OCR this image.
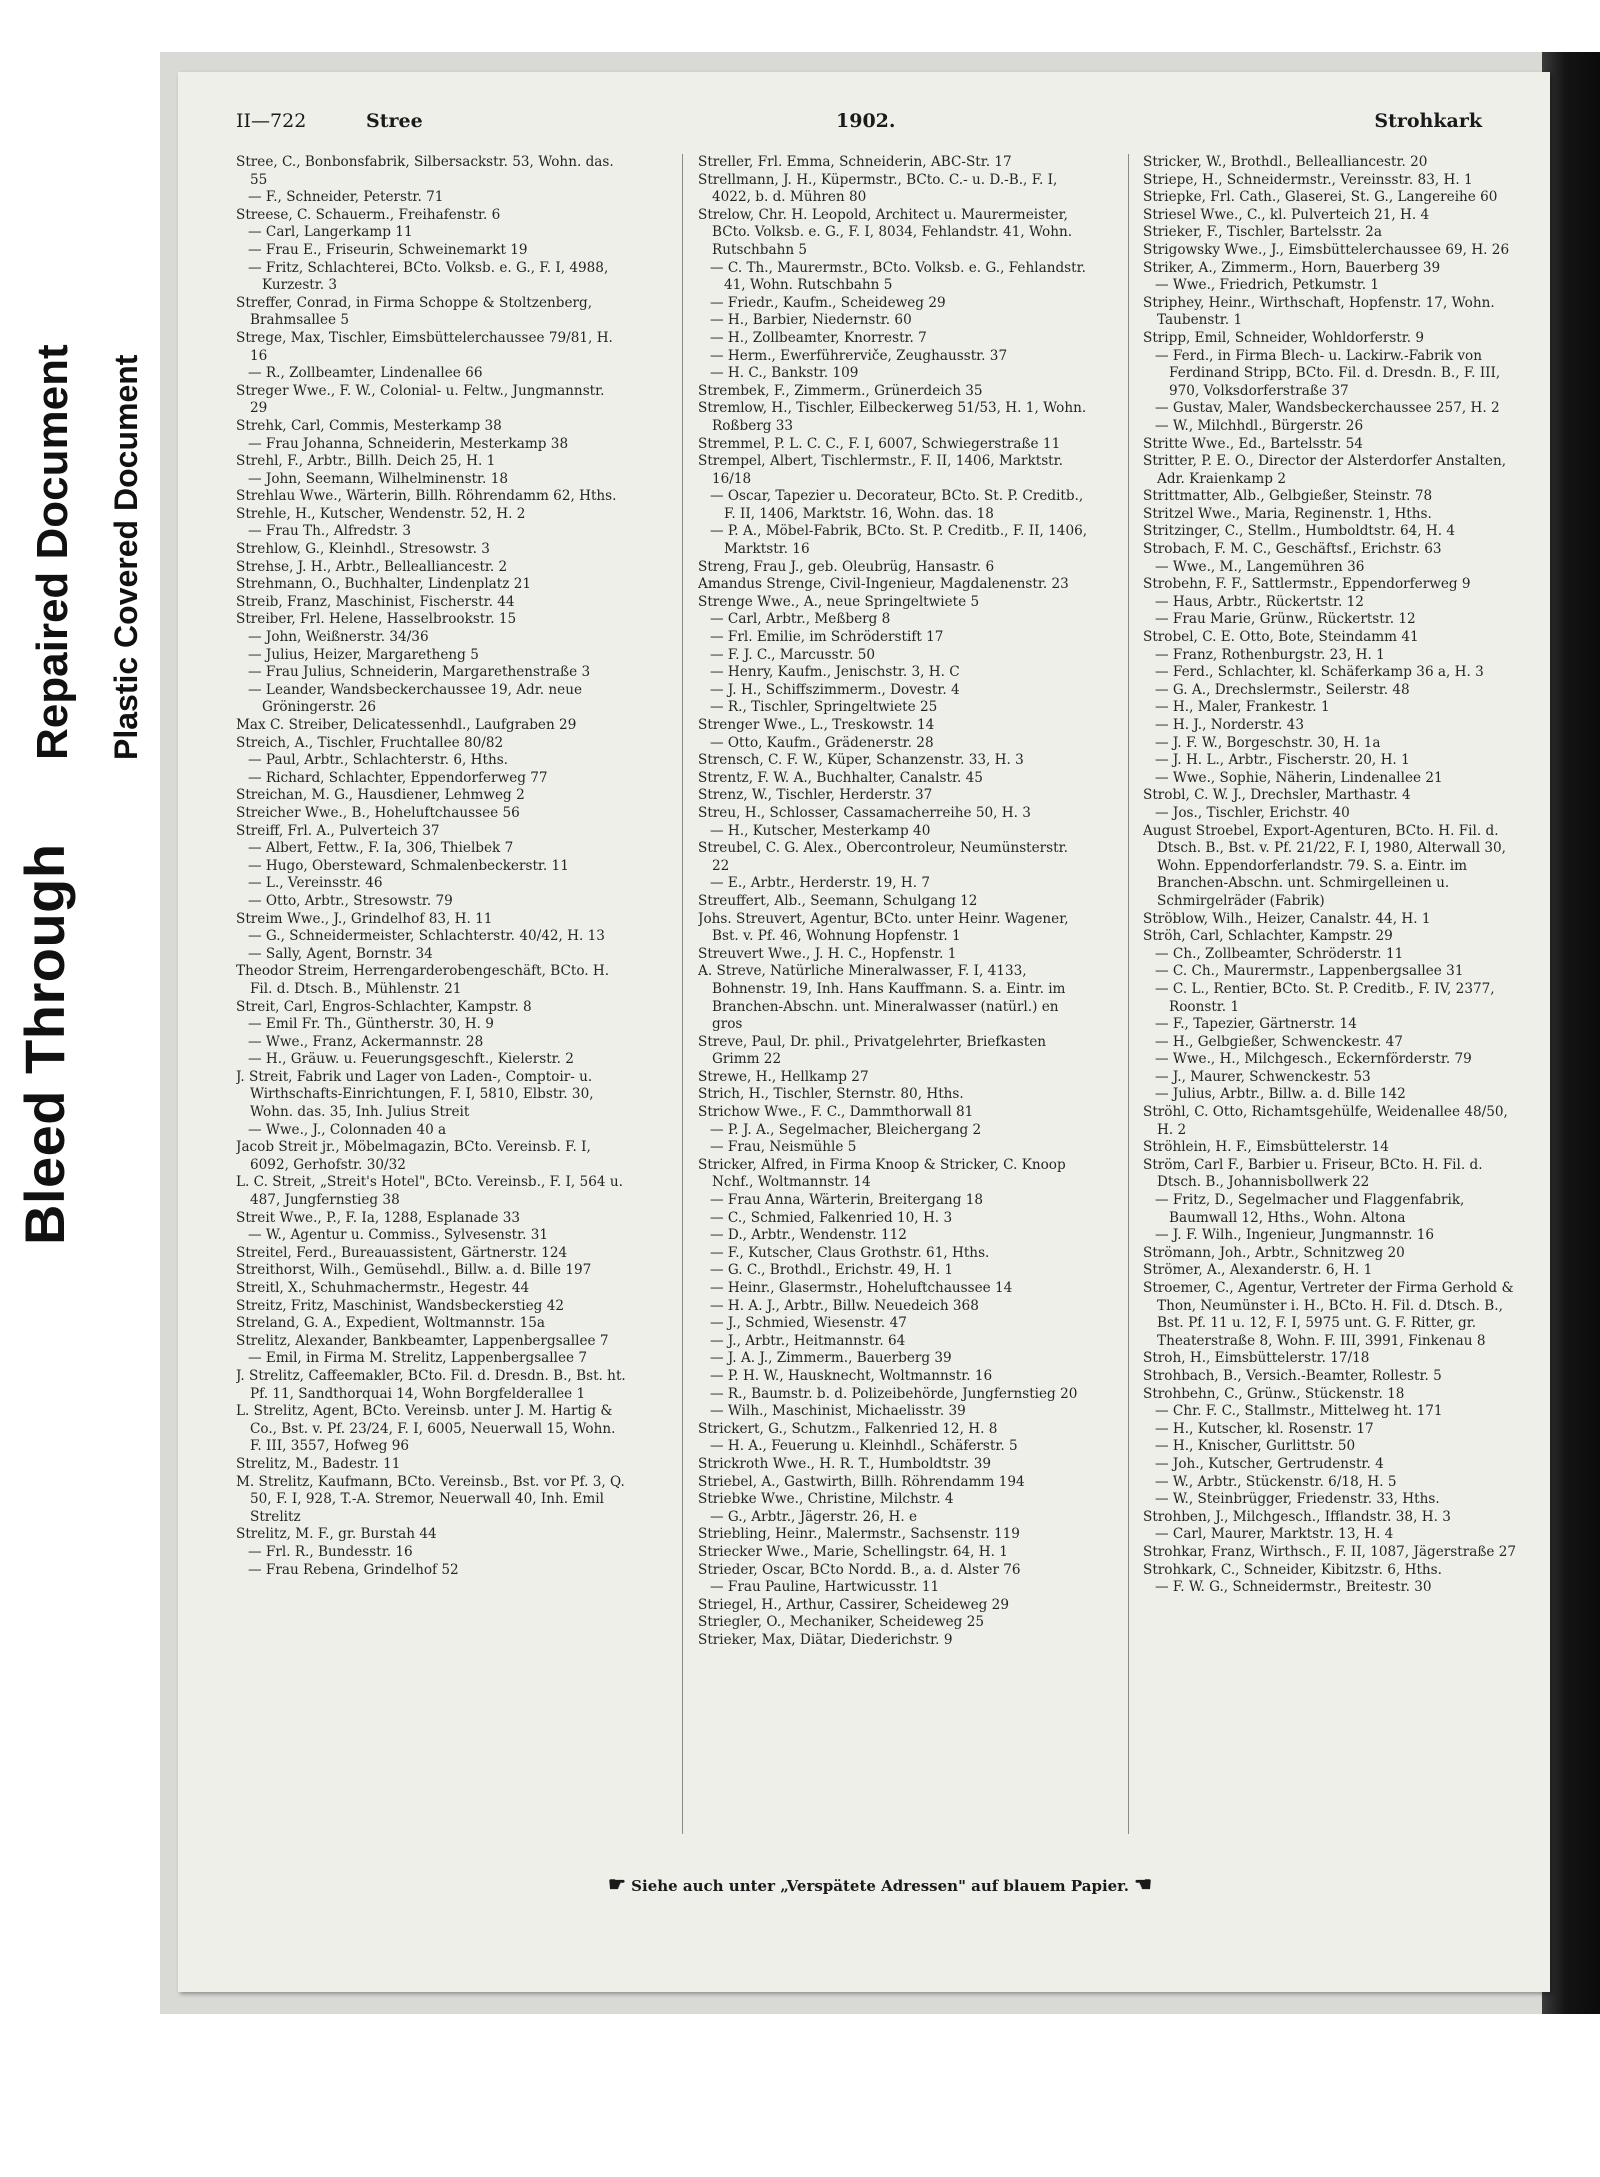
Bleed Through
Repaired Document Plastic Covered Document
II—722	Stree	1902.	Strohkark
Stree, C., Bonbonsfabrik, Silbersackstr. 53, Wohn. das. 55
— F., Schneider, Peterstr. 71
Streese, C. Schauerm., Freihafenstr. 6
— Carl, Langerkamp 11
— Frau E., Friseurin, Schweinemarkt 19
— Fritz, Schlachterei, BCto. Volksb. e. G., F. I, 4988, Kurzestr. 3
Streffer, Conrad, in Firma Schoppe & Stoltzenberg, Brahmsallee 5
Strege, Max, Tischler, Eimsbüttelerchaussee 79/81, H. 16
— R., Zollbeamter, Lindenallee 66
Streger Wwe., F. W., Colonial- u. Feltw., Jungmannstr. 29
Strehk, Carl, Commis, Mesterkamp 38
— Frau Johanna, Schneiderin, Mesterkamp 38
Strehl, F., Arbtr., Billh. Deich 25, H. 1
— John, Seemann, Wilhelminenstr. 18
Strehlau Wwe., Wärterin, Billh. Röhrendamm 62, Hths.
Strehle, H., Kutscher, Wendenstr. 52, H. 2
— Frau Th., Alfredstr. 3
Strehlow, G., Kleinhdl., Stresowstr. 3
Strehse, J. H., Arbtr., Bellealliancestr. 2
Strehmann, O., Buchhalter, Lindenplatz 21
Streib, Franz, Maschinist, Fischerstr. 44
Streiber, Frl. Helene, Hasselbrookstr. 15
— John, Weißnerstr. 34/36
— Julius, Heizer, Margaretheng 5
— Frau Julius, Schneiderin, Margarethenstraße 3
— Leander, Wandsbeckerchaussee 19, Adr. neue Gröningerstr. 26
Max C. Streiber, Delicatessenhdl., Laufgraben 29
Streich, A., Tischler, Fruchtallee 80/82
— Paul, Arbtr., Schlachterstr. 6, Hths.
— Richard, Schlachter, Eppendorferweg 77
Streichan, M. G., Hausdiener, Lehmweg 2
Streicher Wwe., B., Hoheluftchaussee 56
Streiff, Frl. A., Pulverteich 37
— Albert, Fettw., F. Ia, 306, Thielbek 7
— Hugo, Obersteward, Schmalenbeckerstr. 11
— L., Vereinsstr. 46
— Otto, Arbtr., Stresowstr. 79
Streim Wwe., J., Grindelhof 83, H. 11
— G., Schneidermeister, Schlachterstr. 40/42, H. 13
— Sally, Agent, Bornstr. 34
Theodor Streim, Herrengarderobengeschäft, BCto. H. Fil. d. Dtsch. B., Mühlenstr. 21
Streit, Carl, Engros-Schlachter, Kampstr. 8
— Emil Fr. Th., Güntherstr. 30, H. 9
— Wwe., Franz, Ackermannstr. 28
— H., Gräuw. u. Feuerungsgeschft., Kielerstr. 2
J. Streit, Fabrik und Lager von Laden-, Comptoir- u. Wirthschafts-Einrichtungen, F. I, 5810, Elbstr. 30, Wohn. das. 35, Inh. Julius Streit
— Wwe., J., Colonnaden 40 a
Jacob Streit jr., Möbelmagazin, BCto. Vereinsb. F. I, 6092, Gerhofstr. 30/32
L. C. Streit, „Streit's Hotel", BCto. Vereinsb., F. I, 564 u. 487, Jungfernstieg 38
Streit Wwe., P., F. Ia, 1288, Esplanade 33
— W., Agentur u. Commiss., Sylvesenstr. 31
Streitel, Ferd., Bureauassistent, Gärtnerstr. 124
Streithorst, Wilh., Gemüsehdl., Billw. a. d. Bille 197
Streitl, X., Schuhmachermstr., Hegestr. 44
Streitz, Fritz, Maschinist, Wandsbeckerstieg 42
Streland, G. A., Expedient, Woltmannstr. 15a
Strelitz, Alexander, Bankbeamter, Lappenbergsallee 7
— Emil, in Firma M. Strelitz, Lappenbergsallee 7
J. Strelitz, Caffeemakler, BCto. Fil. d. Dresdn. B., Bst. ht. Pf. 11, Sandthorquai 14, Wohn Borgfelderallee 1
L. Strelitz, Agent, BCto. Vereinsb. unter J. M. Hartig & Co., Bst. v. Pf. 23/24, F. I, 6005, Neuerwall 15, Wohn. F. III, 3557, Hofweg 96
Strelitz, M., Badestr. 11
M. Strelitz, Kaufmann, BCto. Vereinsb., Bst. vor Pf. 3, Q. 50, F. I, 928, T.-A. Stremor, Neuerwall 40, Inh. Emil Strelitz
Strelitz, M. F., gr. Burstah 44
— Frl. R., Bundesstr. 16
— Frau Rebena, Grindelhof 52
Streller, Frl. Emma, Schneiderin, ABC-Str. 17
Strellmann, J. H., Küpermstr., BCto. C.- u. D.-B., F. I, 4022, b. d. Mühren 80
Strelow, Chr. H. Leopold, Architect u. Maurermeister, BCto. Volksb. e. G., F. I, 8034, Fehlandstr. 41, Wohn. Rutschbahn 5
— C. Th., Maurermstr., BCto. Volksb. e. G., Fehlandstr. 41, Wohn. Rutschbahn 5
— Friedr., Kaufm., Scheideweg 29
— H., Barbier, Niedernstr. 60
— H., Zollbeamter, Knorrestr. 7
— Herm., Ewerführerviče, Zeughausstr. 37
— H. C., Bankstr. 109
Strembek, F., Zimmerm., Grünerdeich 35
Stremlow, H., Tischler, Eilbeckerweg 51/53, H. 1, Wohn. Roßberg 33
Stremmel, P. L. C. C., F. I, 6007, Schwiegerstraße 11
Strempel, Albert, Tischlermstr., F. II, 1406, Marktstr. 16/18
— Oscar, Tapezier u. Decorateur, BCto. St. P. Creditb., F. II, 1406, Marktstr. 16, Wohn. das. 18
— P. A., Möbel-Fabrik, BCto. St. P. Creditb., F. II, 1406, Marktstr. 16
Streng, Frau J., geb. Oleubrüg, Hansastr. 6
Amandus Strenge, Civil-Ingenieur, Magdalenenstr. 23
Strenge Wwe., A., neue Springeltwiete 5
— Carl, Arbtr., Meßberg 8
— Frl. Emilie, im Schröderstift 17
— F. J. C., Marcusstr. 50
— Henry, Kaufm., Jenischstr. 3, H. C
— J. H., Schiffszimmerm., Dovestr. 4
— R., Tischler, Springeltwiete 25
Strenger Wwe., L., Treskowstr. 14
— Otto, Kaufm., Grädenerstr. 28
Strensch, C. F. W., Küper, Schanzenstr. 33, H. 3
Strentz, F. W. A., Buchhalter, Canalstr. 45
Strenz, W., Tischler, Herderstr. 37
Streu, H., Schlosser, Cassamacherreihe 50, H. 3
— H., Kutscher, Mesterkamp 40
Streubel, C. G. Alex., Obercontroleur, Neumünsterstr. 22
— E., Arbtr., Herderstr. 19, H. 7
Streuffert, Alb., Seemann, Schulgang 12
Johs. Streuvert, Agentur, BCto. unter Heinr. Wagener, Bst. v. Pf. 46, Wohnung Hopfenstr. 1
Streuvert Wwe., J. H. C., Hopfenstr. 1
A. Streve, Natürliche Mineralwasser, F. I, 4133, Bohnenstr. 19, Inh. Hans Kauffmann. S. a. Eintr. im Branchen-Abschn. unt. Mineralwasser (natürl.) en gros
Streve, Paul, Dr. phil., Privatgelehrter, Briefkasten Grimm 22
Strewe, H., Hellkamp 27
Strich, H., Tischler, Sternstr. 80, Hths.
Strichow Wwe., F. C., Dammthorwall 81
— P. J. A., Segelmacher, Bleichergang 2
— Frau, Neismühle 5
Stricker, Alfred, in Firma Knoop & Stricker, C. Knoop Nchf., Woltmannstr. 14
— Frau Anna, Wärterin, Breitergang 18
— C., Schmied, Falkenried 10, H. 3
— D., Arbtr., Wendenstr. 112
— F., Kutscher, Claus Grothstr. 61, Hths.
— G. C., Brothdl., Erichstr. 49, H. 1
— Heinr., Glasermstr., Hoheluftchaussee 14
— H. A. J., Arbtr., Billw. Neuedeich 368
— J., Schmied, Wiesenstr. 47
— J., Arbtr., Heitmannstr. 64
— J. A. J., Zimmerm., Bauerberg 39
— P. H. W., Hausknecht, Woltmannstr. 16
— R., Baumstr. b. d. Polizeibehörde, Jungfernstieg 20
— Wilh., Maschinist, Michaelisstr. 39
Strickert, G., Schutzm., Falkenried 12, H. 8
— H. A., Feuerung u. Kleinhdl., Schäferstr. 5
Strickroth Wwe., H. R. T., Humboldtstr. 39
Striebel, A., Gastwirth, Billh. Röhrendamm 194
Striebke Wwe., Christine, Milchstr. 4
— G., Arbtr., Jägerstr. 26, H. e
Striebling, Heinr., Malermstr., Sachsenstr. 119
Striecker Wwe., Marie, Schellingstr. 64, H. 1
Strieder, Oscar, BCto Nordd. B., a. d. Alster 76
— Frau Pauline, Hartwicusstr. 11
Striegel, H., Arthur, Cassirer, Scheideweg 29
Striegler, O., Mechaniker, Scheideweg 25
Strieker, Max, Diätar, Diederichstr. 9
Stricker, W., Brothdl., Bellealliancestr. 20
Striepe, H., Schneidermstr., Vereinsstr. 83, H. 1
Striepke, Frl. Cath., Glaserei, St. G., Langereihe 60
Striesel Wwe., C., kl. Pulverteich 21, H. 4
Strieker, F., Tischler, Bartelsstr. 2a
Strigowsky Wwe., J., Eimsbüttelerchaussee 69, H. 26
Striker, A., Zimmerm., Horn, Bauerberg 39
— Wwe., Friedrich, Petkumstr. 1
Striphey, Heinr., Wirthschaft, Hopfenstr. 17, Wohn. Taubenstr. 1
Stripp, Emil, Schneider, Wohldorferstr. 9
— Ferd., in Firma Blech- u. Lackirw.-Fabrik von Ferdinand Stripp, BCto. Fil. d. Dresdn. B., F. III, 970, Volksdorferstraße 37
— Gustav, Maler, Wandsbeckerchaussee 257, H. 2
— W., Milchhdl., Bürgerstr. 26
Stritte Wwe., Ed., Bartelsstr. 54
Stritter, P. E. O., Director der Alsterdorfer Anstalten, Adr. Kraienkamp 2
Strittmatter, Alb., Gelbgießer, Steinstr. 78
Stritzel Wwe., Maria, Reginenstr. 1, Hths.
Stritzinger, C., Stellm., Humboldtstr. 64, H. 4
Strobach, F. M. C., Geschäftsf., Erichstr. 63
— Wwe., M., Langemühren 36
Strobehn, F. F., Sattlermstr., Eppendorferweg 9
— Haus, Arbtr., Rückertstr. 12
— Frau Marie, Grünw., Rückertstr. 12
Strobel, C. E. Otto, Bote, Steindamm 41
— Franz, Rothenburgstr. 23, H. 1
— Ferd., Schlachter, kl. Schäferkamp 36 a, H. 3
— G. A., Drechslermstr., Seilerstr. 48
— H., Maler, Frankestr. 1
— H. J., Norderstr. 43
— J. F. W., Borgeschstr. 30, H. 1a
— J. H. L., Arbtr., Fischerstr. 20, H. 1
— Wwe., Sophie, Näherin, Lindenallee 21
Strobl, C. W. J., Drechsler, Marthastr. 4
— Jos., Tischler, Erichstr. 40
August Stroebel, Export-Agenturen, BCto. H. Fil. d. Dtsch. B., Bst. v. Pf. 21/22, F. I, 1980, Alterwall 30, Wohn. Eppendorferlandstr. 79. S. a. Eintr. im Branchen-Abschn. unt. Schmirgelleinen u. Schmirgelräder (Fabrik)
Ströblow, Wilh., Heizer, Canalstr. 44, H. 1
Ströh, Carl, Schlachter, Kampstr. 29
— Ch., Zollbeamter, Schröderstr. 11
— C. Ch., Maurermstr., Lappenbergsallee 31
— C. L., Rentier, BCto. St. P. Creditb., F. IV, 2377, Roonstr. 1
— F., Tapezier, Gärtnerstr. 14
— H., Gelbgießer, Schwenckestr. 47
— Wwe., H., Milchgesch., Eckernförderstr. 79
— J., Maurer, Schwenckestr. 53
— Julius, Arbtr., Billw. a. d. Bille 142
Ströhl, C. Otto, Richamtsgehülfe, Weidenallee 48/50, H. 2
Ströhlein, H. F., Eimsbüttelerstr. 14
Ström, Carl F., Barbier u. Friseur, BCto. H. Fil. d. Dtsch. B., Johannisbollwerk 22
— Fritz, D., Segelmacher und Flaggenfabrik, Baumwall 12, Hths., Wohn. Altona
— J. F. Wilh., Ingenieur, Jungmannstr. 16
Strömann, Joh., Arbtr., Schnitzweg 20
Strömer, A., Alexanderstr. 6, H. 1
Stroemer, C., Agentur, Vertreter der Firma Gerhold & Thon, Neumünster i. H., BCto. H. Fil. d. Dtsch. B., Bst. Pf. 11 u. 12, F. I, 5975 unt. G. F. Ritter, gr. Theaterstraße 8, Wohn. F. III, 3991, Finkenau 8
Stroh, H., Eimsbüttelerstr. 17/18
Strohbach, B., Versich.-Beamter, Rollestr. 5
Strohbehn, C., Grünw., Stückenstr. 18
— Chr. F. C., Stallmstr., Mittelweg ht. 171
— H., Kutscher, kl. Rosenstr. 17
— H., Knischer, Gurlittstr. 50
— Joh., Kutscher, Gertrudenstr. 4
— W., Arbtr., Stückenstr. 6/18, H. 5
— W., Steinbrügger, Friedenstr. 33, Hths.
Strohben, J., Milchgesch., Ifflandstr. 38, H. 3
— Carl, Maurer, Marktstr. 13, H. 4
Strohkar, Franz, Wirthsch., F. II, 1087, Jägerstraße 27
Strohkark, C., Schneider, Kibitzstr. 6, Hths.
— F. W. G., Schneidermstr., Breitestr. 30
☛ Siehe auch unter „Verspätete Adressen" auf blauem Papier. ☚
